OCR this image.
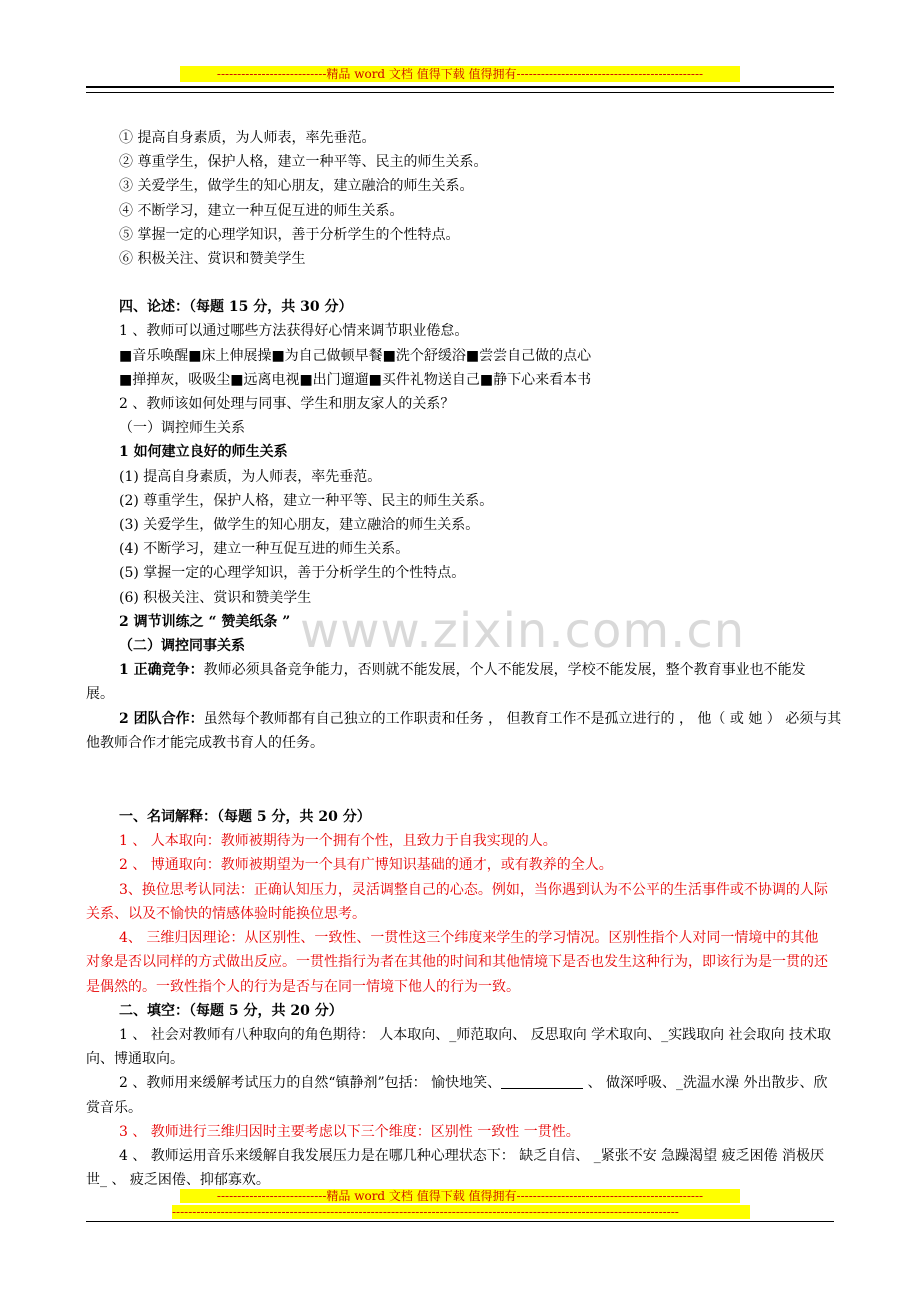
---------------------------精品 word 文档 值得下载 值得拥有----------------------------------------------
www.zixin.com.cn
① 提高自身素质，为人师表，率先垂范。
② 尊重学生，保护人格，建立一种平等、民主的师生关系。
③ 关爱学生，做学生的知心朋友，建立融洽的师生关系。
④ 不断学习，建立一种互促互进的师生关系。
⑤ 掌握一定的心理学知识，善于分析学生的个性特点。
⑥ 积极关注、赏识和赞美学生
四、论述：（每题 15 分，共 30 分）
1 、教师可以通过哪些方法获得好心情来调节职业倦怠。
■音乐唤醒■床上伸展操■为自己做顿早餐■洗个舒缓浴■尝尝自己做的点心
■掸掸灰，吸吸尘■远离电视■出门遛遛■买件礼物送自己■静下心来看本书
2 、教师该如何处理与同事、学生和朋友家人的关系？
（一）调控师生关系
1 如何建立良好的师生关系
(1) 提高自身素质，为人师表，率先垂范。
(2) 尊重学生，保护人格，建立一种平等、民主的师生关系。
(3) 关爱学生，做学生的知心朋友，建立融洽的师生关系。
(4) 不断学习，建立一种互促互进的师生关系。
(5) 掌握一定的心理学知识，善于分析学生的个性特点。
(6) 积极关注、赏识和赞美学生
2 调节训练之 “ 赞美纸条 ”
（二）调控同事关系
1 正确竞争：教师必须具备竞争能力，否则就不能发展，个人不能发展，学校不能发展，整个教育事业也不能发展。
2 团队合作：虽然每个教师都有自己独立的工作职责和任务 ， 但教育工作不是孤立进行的 ， 他（ 或 她 ） 必须与其他教师合作才能完成教书育人的任务。
一、名词解释：（每题 5 分，共 20 分）
1 、 人本取向：教师被期待为一个拥有个性，且致力于自我实现的人。
2 、 博通取向：教师被期望为一个具有广博知识基础的通才，或有教养的全人。
3、换位思考认同法：正确认知压力，灵活调整自己的心态。例如，当你遇到认为不公平的生活事件或不协调的人际关系、以及不愉快的情感体验时能换位思考。
4、 三维归因理论：从区别性、一致性、一贯性这三个纬度来学生的学习情况。区别性指个人对同一情境中的其他对象是否以同样的方式做出反应。一贯性指行为者在其他的时间和其他情境下是否也发生这种行为，即该行为是一贯的还是偶然的。一致性指个人的行为是否与在同一情境下他人的行为一致。
二、填空：（每题 5 分，共 20 分）
1 、 社会对教师有八种取向的角色期待： 人本取向、_师范取向、 反思取向 学术取向、_实践取向 社会取向 技术取向、博通取向。
2 、教师用来缓解考试压力的自然“镇静剂”包括： 愉快地笑、	、 做深呼吸、_洗温水澡 外出散步、欣赏音乐。
3 、 教师进行三维归因时主要考虑以下三个维度：区别性 一致性 一贯性。
4 、 教师运用音乐来缓解自我发展压力是在哪几种心理状态下： 缺乏自信、 _紧张不安 急躁渴望 疲乏困倦 消极厌世_ 、 疲乏困倦、抑郁寡欢。
---------------------------精品 word 文档 值得下载 值得拥有----------------------------------------------
-----------------------------------------------------------------------------------------------------------------------------
